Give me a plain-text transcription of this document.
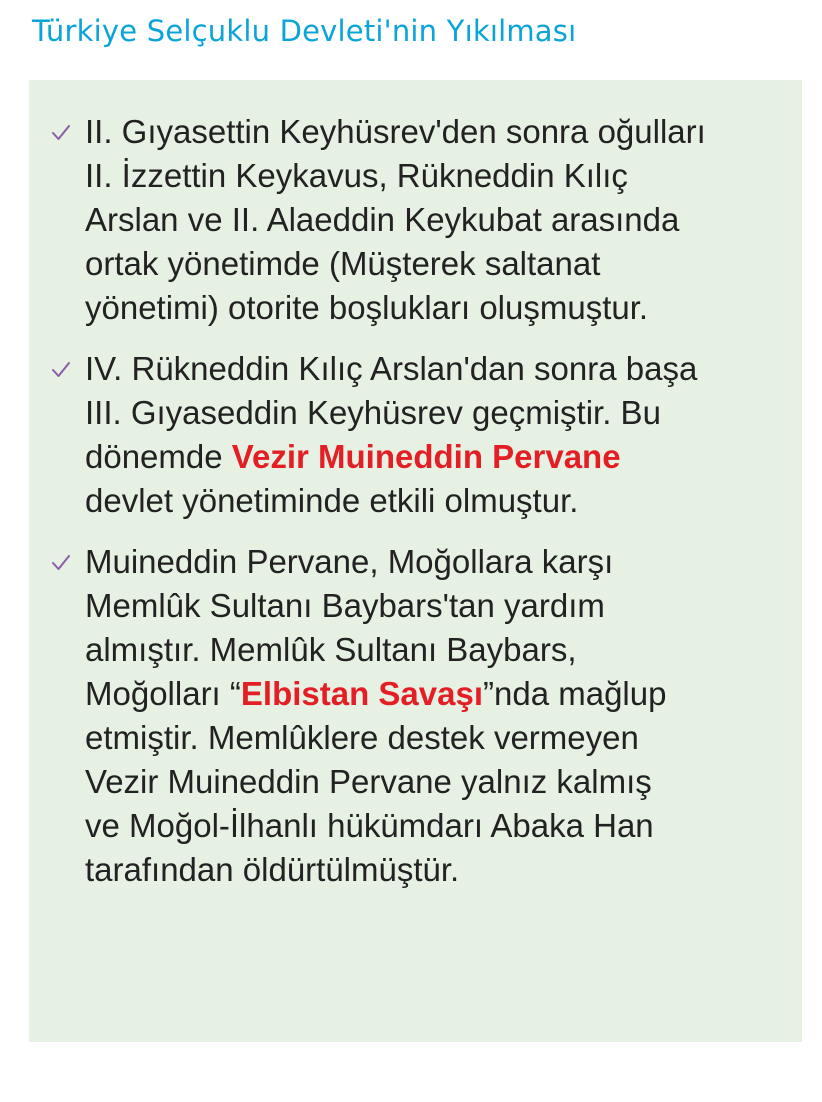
Türkiye Selçuklu Devleti'nin Yıkılması
II. Gıyasettin Keyhüsrev'den sonra oğulları
II. İzzettin Keykavus, Rükneddin Kılıç
Arslan ve II. Alaeddin Keykubat arasında
ortak yönetimde (Müşterek saltanat
yönetimi) otorite boşlukları oluşmuştur.
IV. Rükneddin Kılıç Arslan'dan sonra başa
III. Gıyaseddin Keyhüsrev geçmiştir. Bu
dönemde Vezir Muineddin Pervane
devlet yönetiminde etkili olmuştur.
Muineddin Pervane, Moğollara karşı
Memlûk Sultanı Baybars'tan yardım
almıştır. Memlûk Sultanı Baybars,
Moğolları “Elbistan Savaşı”nda mağlup
etmiştir. Memlûklere destek vermeyen
Vezir Muineddin Pervane yalnız kalmış
ve Moğol-İlhanlı hükümdarı Abaka Han
tarafından öldürtülmüştür.
